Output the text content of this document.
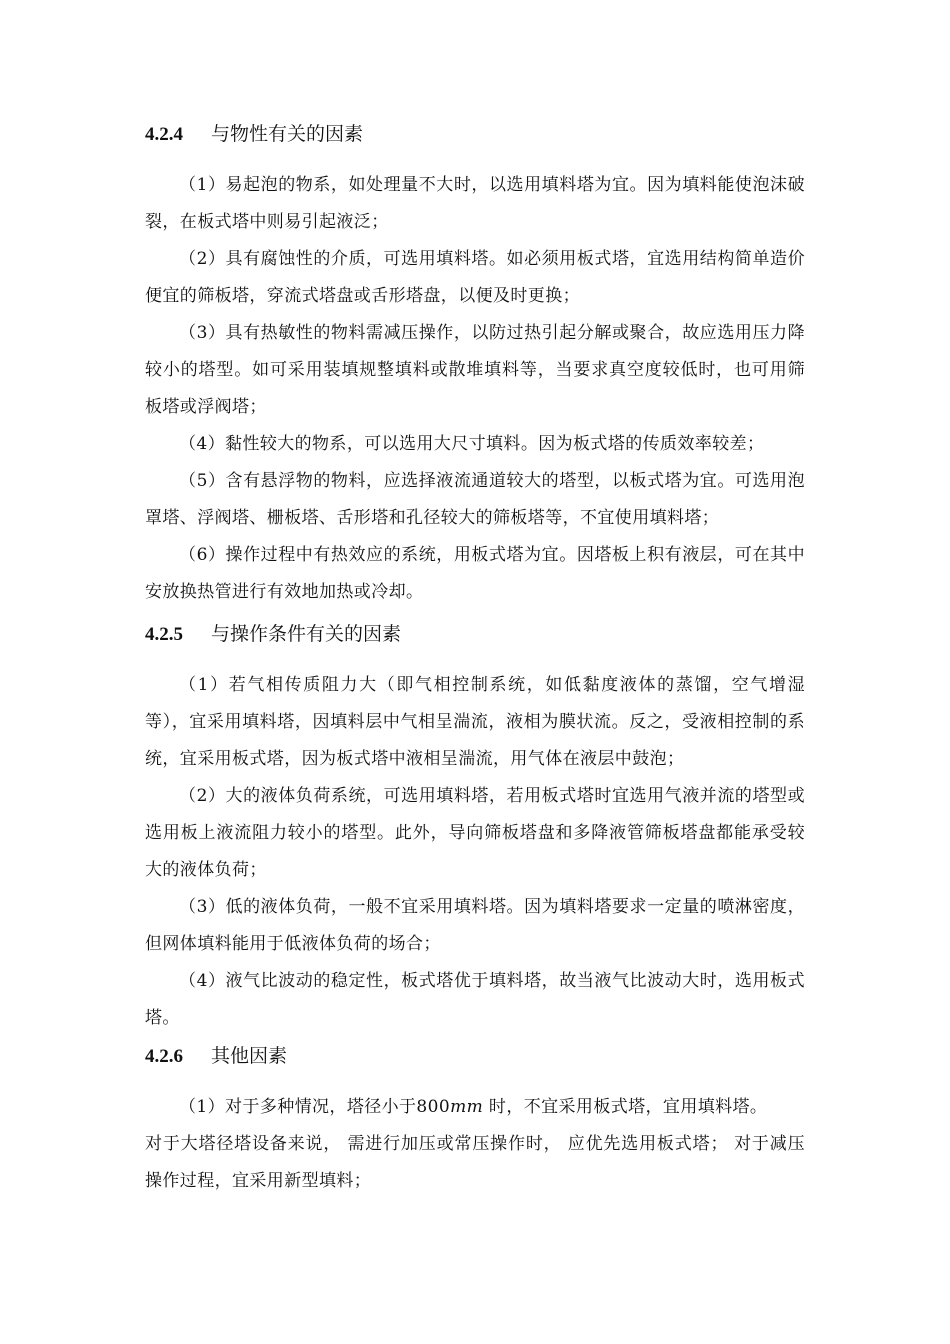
4.2.4 与物性有关的因素

（1）易起泡的物系，如处理量不大时，以选用填料塔为宜。因为填料能使泡沫破裂，在板式塔中则易引起液泛；

（2）具有腐蚀性的介质，可选用填料塔。如必须用板式塔，宜选用结构简单造价便宜的筛板塔，穿流式塔盘或舌形塔盘，以便及时更换；

（3）具有热敏性的物料需减压操作，以防过热引起分解或聚合，故应选用压力降较小的塔型。如可采用装填规整填料或散堆填料等，当要求真空度较低时，也可用筛板塔或浮阀塔；

（4）黏性较大的物系，可以选用大尺寸填料。因为板式塔的传质效率较差；

（5）含有悬浮物的物料，应选择液流通道较大的塔型，以板式塔为宜。可选用泡罩塔、浮阀塔、栅板塔、舌形塔和孔径较大的筛板塔等，不宜使用填料塔；

（6）操作过程中有热效应的系统，用板式塔为宜。因塔板上积有液层，可在其中安放换热管进行有效地加热或冷却。

4.2.5 与操作条件有关的因素

（1）若气相传质阻力大（即气相控制系统，如低黏度液体的蒸馏，空气增湿等），宜采用填料塔，因填料层中气相呈湍流，液相为膜状流。反之，受液相控制的系统，宜采用板式塔，因为板式塔中液相呈湍流，用气体在液层中鼓泡；

（2）大的液体负荷系统，可选用填料塔，若用板式塔时宜选用气液并流的塔型或选用板上液流阻力较小的塔型。此外，导向筛板塔盘和多降液管筛板塔盘都能承受较大的液体负荷；

（3）低的液体负荷，一般不宜采用填料塔。因为填料塔要求一定量的喷淋密度，但网体填料能用于低液体负荷的场合；

（4）液气比波动的稳定性，板式塔优于填料塔，故当液气比波动大时，选用板式塔。

4.2.6 其他因素

（1）对于多种情况，塔径小于800mm 时，不宜采用板式塔，宜用填料塔。

对于大塔径塔设备来说， 需进行加压或常压操作时， 应优先选用板式塔； 对于减压操作过程，宜采用新型填料；
